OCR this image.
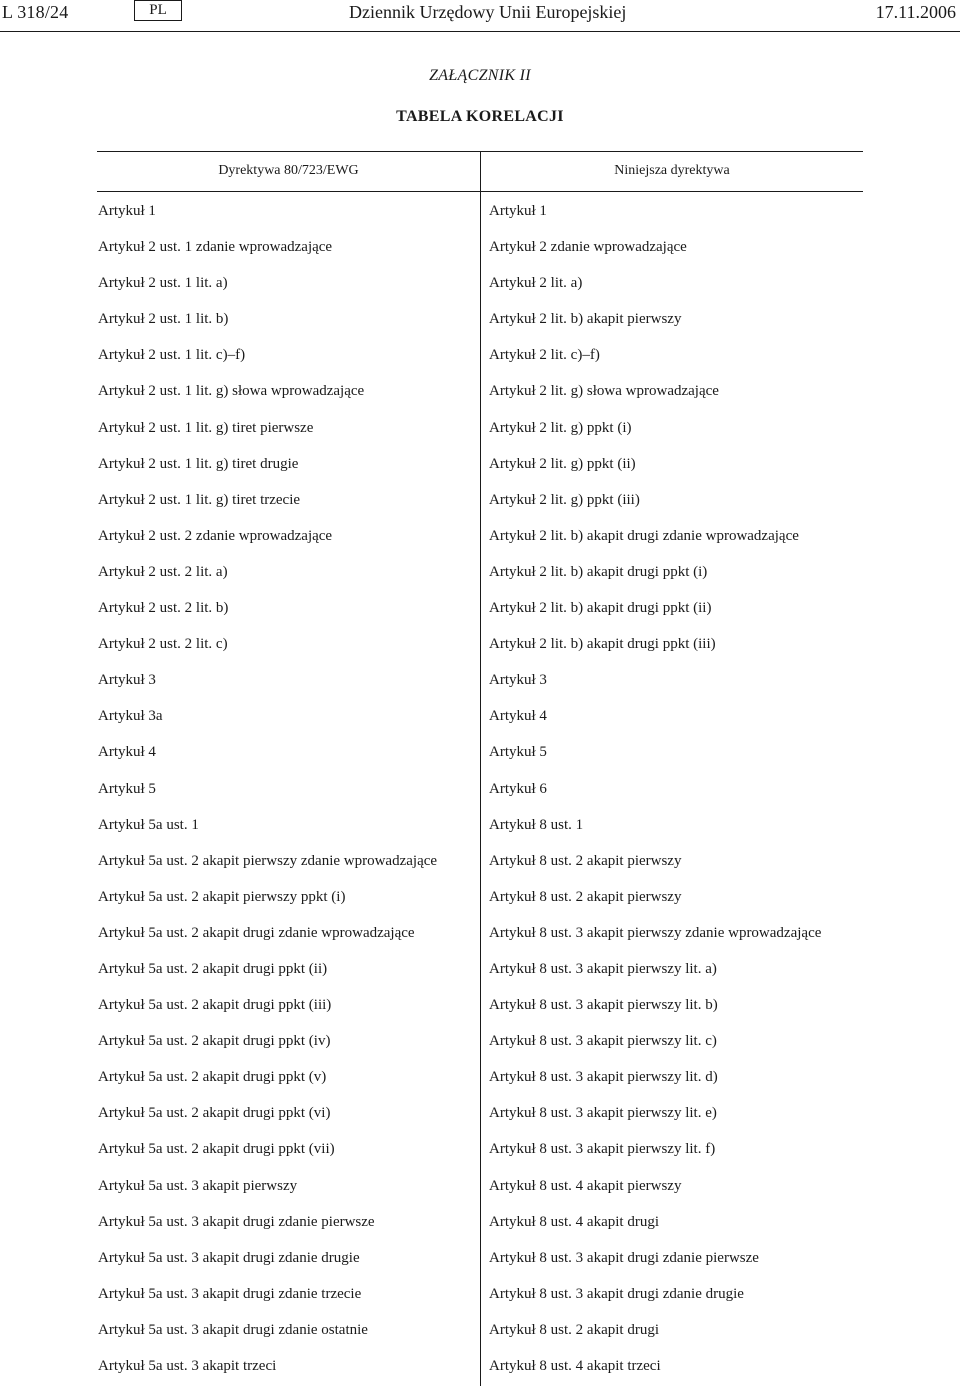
L 318/24	PL	Dziennik Urzędowy Unii Europejskiej	17.11.2006
ZAŁĄCZNIK II
TABELA KORELACJI
Dyrektywa 80/723/EWG	Niniejsza dyrektywa
Artykuł 1	Artykuł 1
Artykuł 2 ust. 1 zdanie wprowadzające	Artykuł 2 zdanie wprowadzające
Artykuł 2 ust. 1 lit. a)	Artykuł 2 lit. a)
Artykuł 2 ust. 1 lit. b)	Artykuł 2 lit. b) akapit pierwszy
Artykuł 2 ust. 1 lit. c)–f)	Artykuł 2 lit. c)–f)
Artykuł 2 ust. 1 lit. g) słowa wprowadzające	Artykuł 2 lit. g) słowa wprowadzające
Artykuł 2 ust. 1 lit. g) tiret pierwsze	Artykuł 2 lit. g) ppkt (i)
Artykuł 2 ust. 1 lit. g) tiret drugie	Artykuł 2 lit. g) ppkt (ii)
Artykuł 2 ust. 1 lit. g) tiret trzecie	Artykuł 2 lit. g) ppkt (iii)
Artykuł 2 ust. 2 zdanie wprowadzające	Artykuł 2 lit. b) akapit drugi zdanie wprowadzające
Artykuł 2 ust. 2 lit. a)	Artykuł 2 lit. b) akapit drugi ppkt (i)
Artykuł 2 ust. 2 lit. b)	Artykuł 2 lit. b) akapit drugi ppkt (ii)
Artykuł 2 ust. 2 lit. c)	Artykuł 2 lit. b) akapit drugi ppkt (iii)
Artykuł 3	Artykuł 3
Artykuł 3a	Artykuł 4
Artykuł 4	Artykuł 5
Artykuł 5	Artykuł 6
Artykuł 5a ust. 1	Artykuł 8 ust. 1
Artykuł 5a ust. 2 akapit pierwszy zdanie wprowadzające	Artykuł 8 ust. 2 akapit pierwszy
Artykuł 5a ust. 2 akapit pierwszy ppkt (i)	Artykuł 8 ust. 2 akapit pierwszy
Artykuł 5a ust. 2 akapit drugi zdanie wprowadzające	Artykuł 8 ust. 3 akapit pierwszy zdanie wprowadzające
Artykuł 5a ust. 2 akapit drugi ppkt (ii)	Artykuł 8 ust. 3 akapit pierwszy lit. a)
Artykuł 5a ust. 2 akapit drugi ppkt (iii)	Artykuł 8 ust. 3 akapit pierwszy lit. b)
Artykuł 5a ust. 2 akapit drugi ppkt (iv)	Artykuł 8 ust. 3 akapit pierwszy lit. c)
Artykuł 5a ust. 2 akapit drugi ppkt (v)	Artykuł 8 ust. 3 akapit pierwszy lit. d)
Artykuł 5a ust. 2 akapit drugi ppkt (vi)	Artykuł 8 ust. 3 akapit pierwszy lit. e)
Artykuł 5a ust. 2 akapit drugi ppkt (vii)	Artykuł 8 ust. 3 akapit pierwszy lit. f)
Artykuł 5a ust. 3 akapit pierwszy	Artykuł 8 ust. 4 akapit pierwszy
Artykuł 5a ust. 3 akapit drugi zdanie pierwsze	Artykuł 8 ust. 4 akapit drugi
Artykuł 5a ust. 3 akapit drugi zdanie drugie	Artykuł 8 ust. 3 akapit drugi zdanie pierwsze
Artykuł 5a ust. 3 akapit drugi zdanie trzecie	Artykuł 8 ust. 3 akapit drugi zdanie drugie
Artykuł 5a ust. 3 akapit drugi zdanie ostatnie	Artykuł 8 ust. 2 akapit drugi
Artykuł 5a ust. 3 akapit trzeci	Artykuł 8 ust. 4 akapit trzeci
